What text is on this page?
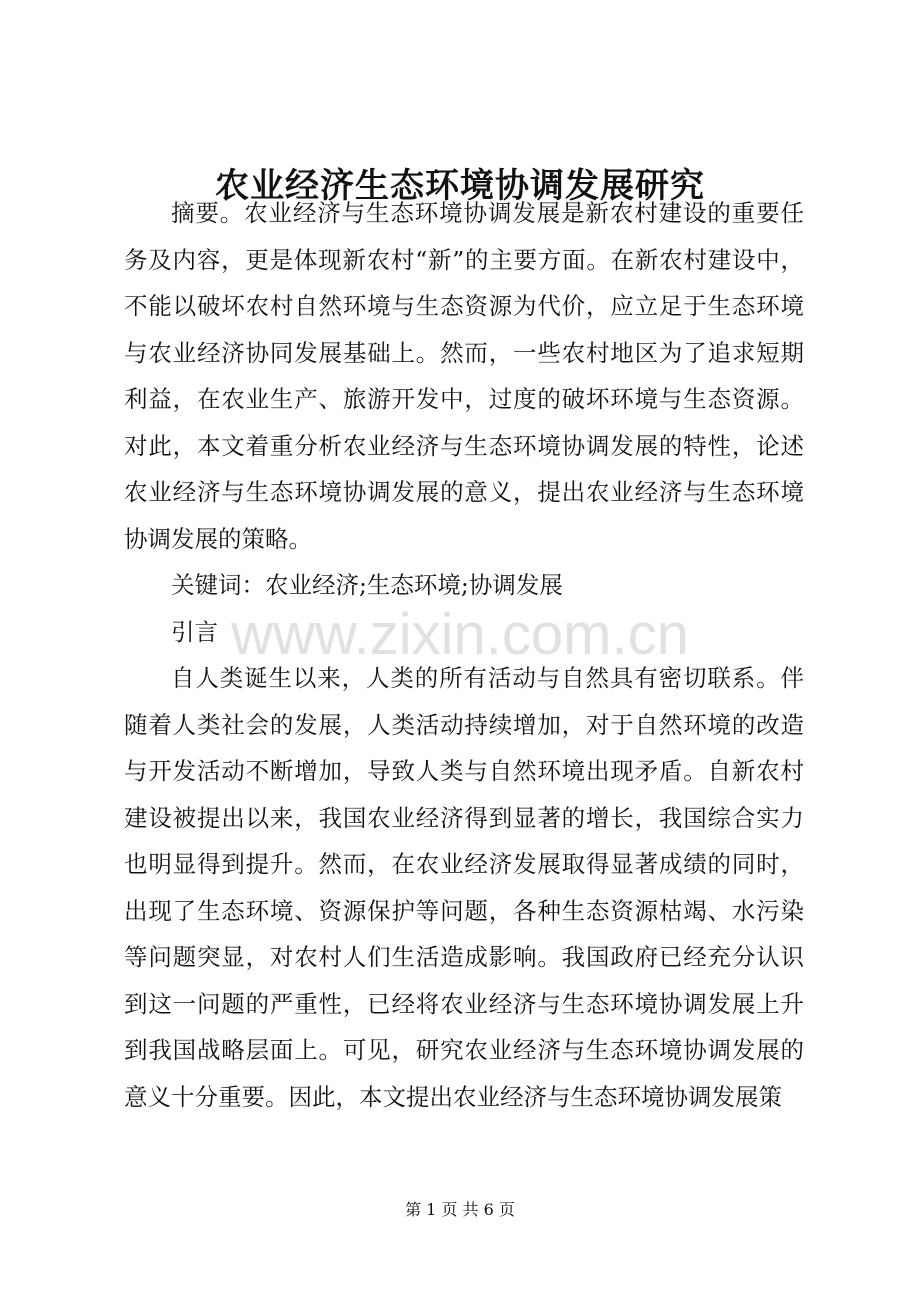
农业经济生态环境协调发展研究

摘要。农业经济与生态环境协调发展是新农村建设的重要任务及内容，更是体现新农村“新”的主要方面。在新农村建设中，不能以破坏农村自然环境与生态资源为代价，应立足于生态环境与农业经济协同发展基础上。然而，一些农村地区为了追求短期利益，在农业生产、旅游开发中，过度的破坏环境与生态资源。对此，本文着重分析农业经济与生态环境协调发展的特性，论述农业经济与生态环境协调发展的意义，提出农业经济与生态环境协调发展的策略。

关键词：农业经济;生态环境;协调发展

引言

自人类诞生以来，人类的所有活动与自然具有密切联系。伴随着人类社会的发展，人类活动持续增加，对于自然环境的改造与开发活动不断增加，导致人类与自然环境出现矛盾。自新农村建设被提出以来，我国农业经济得到显著的增长，我国综合实力也明显得到提升。然而，在农业经济发展取得显著成绩的同时，出现了生态环境、资源保护等问题，各种生态资源枯竭、水污染等问题突显，对农村人们生活造成影响。我国政府已经充分认识到这一问题的严重性，已经将农业经济与生态环境协调发展上升到我国战略层面上。可见，研究农业经济与生态环境协调发展的意义十分重要。因此，本文提出农业经济与生态环境协调发展策

www.zixin.com.cn
第 1 页 共 6 页
